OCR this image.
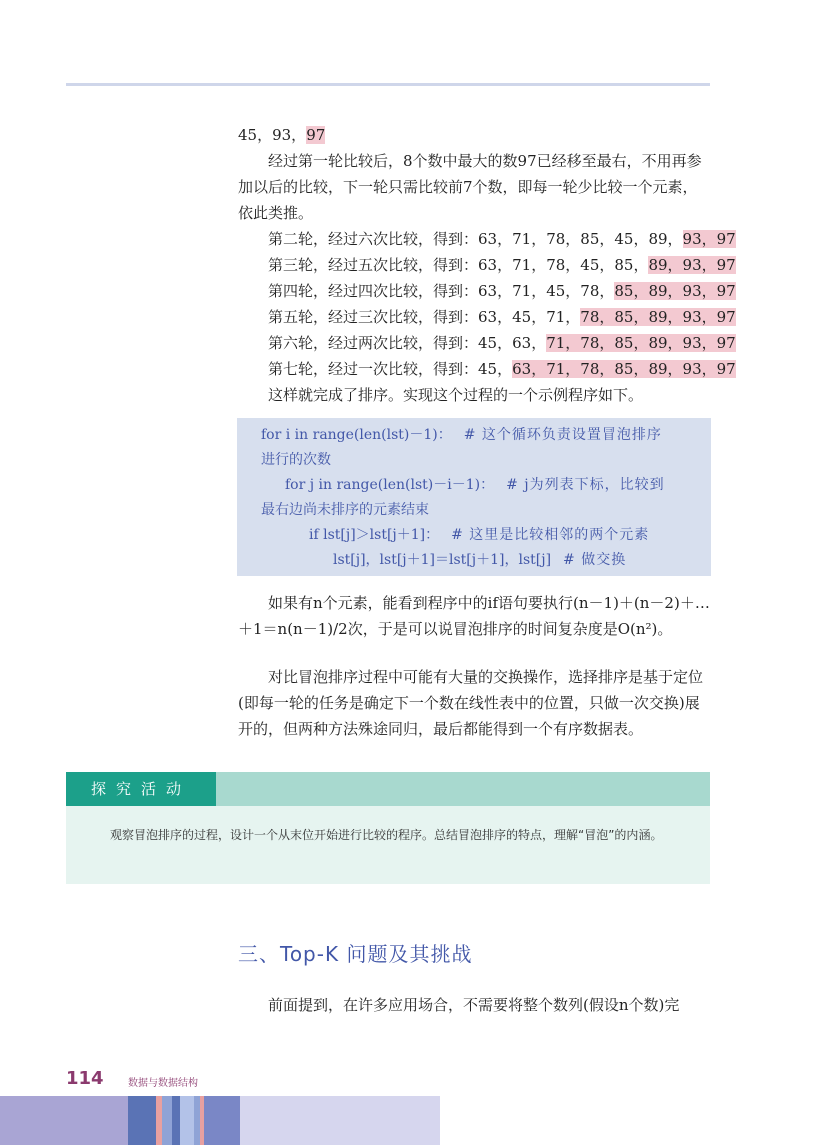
45，93，97

经过第一轮比较后，8个数中最大的数97已经移至最右，不用再参加以后的比较，下一轮只需比较前7个数，即每一轮少比较一个元素，依此类推。

第二轮，经过六次比较，得到：63，71，78，85，45，89，93，97
第三轮，经过五次比较，得到：63，71，78，45，85，89，93，97
第四轮，经过四次比较，得到：63，71，45，78，85，89，93，97
第五轮，经过三次比较，得到：63，45，71，78，85，89，93，97
第六轮，经过两次比较，得到：45，63，71，78，85，89，93，97
第七轮，经过一次比较，得到：45，63，71，78，85，89，93，97
这样就完成了排序。实现这个过程的一个示例程序如下。
for i in range(len(lst)－1)： # 这个循环负责设置冒泡排序
进行的次数
for j in range(len(lst)－i－1)： # j为列表下标，比较到
最右边尚未排序的元素结束
if lst[j]＞lst[j＋1]： # 这里是比较相邻的两个元素
lst[j]，lst[j＋1]＝lst[j＋1]，lst[j] # 做交换

如果有n个元素，能看到程序中的if语句要执行(n－1)＋(n－2)＋…＋1＝n(n－1)/2次，于是可以说冒泡排序的时间复杂度是O(n²)。

对比冒泡排序过程中可能有大量的交换操作，选择排序是基于定位(即每一轮的任务是确定下一个数在线性表中的位置，只做一次交换)展开的，但两种方法殊途同归，最后都能得到一个有序数据表。

探究活动

观察冒泡排序的过程，设计一个从末位开始进行比较的程序。总结冒泡排序的特点，理解“冒泡”的内涵。

三、Top-K 问题及其挑战

前面提到，在许多应用场合，不需要将整个数列(假设n个数)完

114 数据与数据结构
